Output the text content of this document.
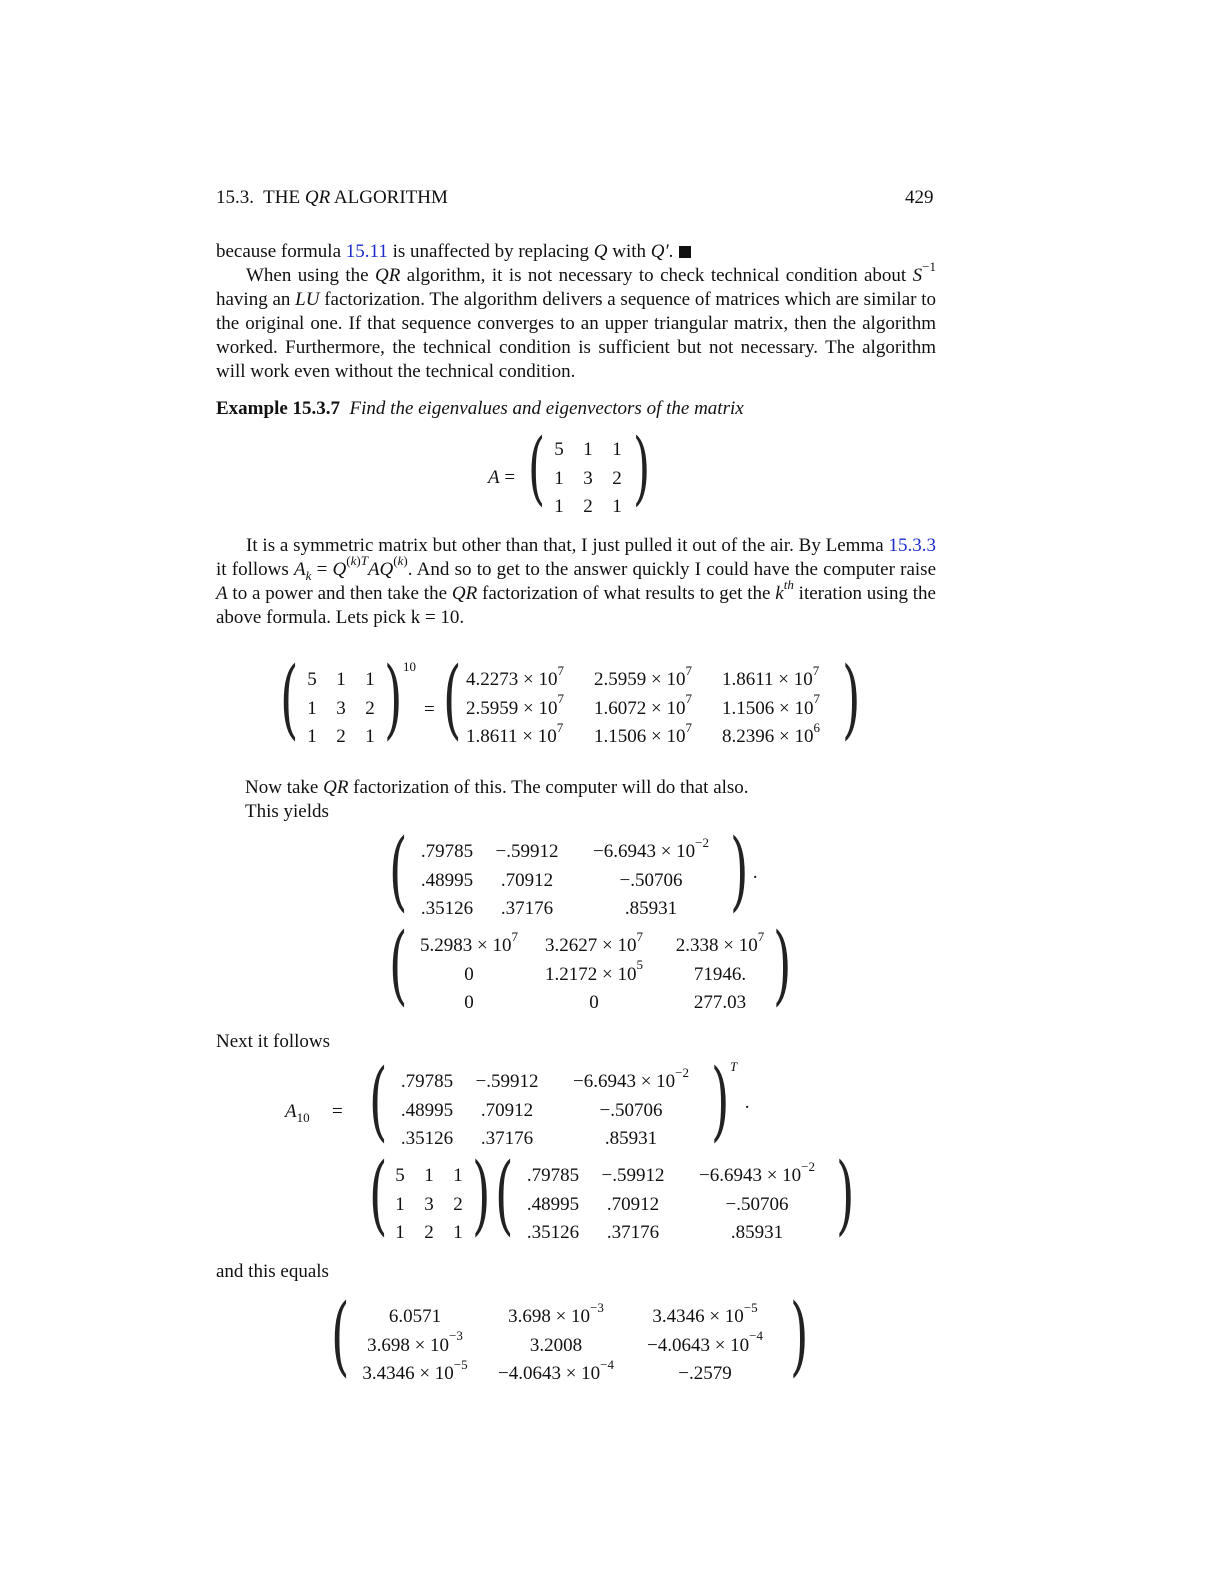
15.3. THE QR ALGORITHM	429
because formula 15.11 is unaffected by replacing Q with Q′.
When using the QR algorithm, it is not necessary to check technical condition about $S^{-1}$ having an LU factorization. The algorithm delivers a sequence of matrices which are similar to the original one. If that sequence converges to an upper triangular matrix, then the algorithm worked. Furthermore, the technical condition is sufficient but not necessary. The algorithm will work even without the technical condition.
Example 15.3.7 Find the eigenvalues and eigenvectors of the matrix
A = ( 5	1	1
1	3	2
1	2	1 )
It is a symmetric matrix but other than that, I just pulled it out of the air. By Lemma 15.3.3 it follows $A_k = Q^{(k)T}AQ^{(k)}$. And so to get to the answer quickly I could have the computer raise A to a power and then take the QR factorization of what results to get the $k^{th}$ iteration using the above formula. Lets pick k = 10.
( 5	1	1
1	3	2
1	2	1 ) 10
= ( $4.2273 \times 10^7$	$2.5959 \times 10^7$	$1.8611 \times 10^7$
$2.5959 \times 10^7$	$1.6072 \times 10^7$	$1.1506 \times 10^7$
$1.8611 \times 10^7$	$1.1506 \times 10^7$	$8.2396 \times 10^6$ )
Now take QR factorization of this. The computer will do that also.
This yields
( .79785	−.59912	$-6.6943 \times 10^{-2}$
.48995	.70912	−.50706
.35126	.37176	.85931 ) ·
( $5.2983 \times 10^7$	$3.2627 \times 10^7$	$2.338 \times 10^7$
0	$1.2172 \times 10^5$	71946.
0	0	277.03 )
Next it follows
$A_{10}$ = ( .79785	−.59912	$-6.6943 \times 10^{-2}$
.48995	.70912	−.50706
.35126	.37176	.85931 ) T
·
( 5	1	1
1	3	2
1	2	1 ) ( .79785	−.59912	$-6.6943 \times 10^{-2}$
.48995	.70912	−.50706
.35126	.37176	.85931 )
and this equals
( 6.0571	$3.698 \times 10^{-3}$	$3.4346 \times 10^{-5}$
$3.698 \times 10^{-3}$	3.2008	$-4.0643 \times 10^{-4}$
$3.4346 \times 10^{-5}$	$-4.0643 \times 10^{-4}$	−.2579 )
